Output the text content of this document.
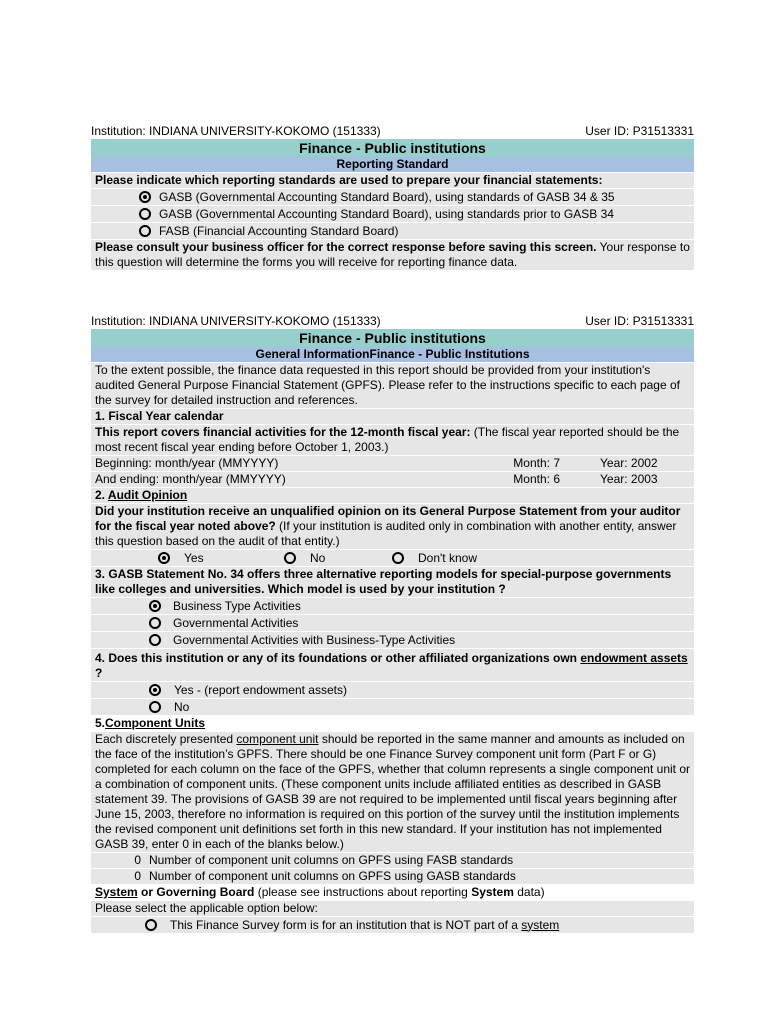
Institution: INDIANA UNIVERSITY-KOKOMO (151333)	User ID: P31513331
Finance - Public institutions
Reporting Standard
Please indicate which reporting standards are used to prepare your financial statements:
GASB (Governmental Accounting Standard Board), using standards of GASB 34 & 35
GASB (Governmental Accounting Standard Board), using standards prior to GASB 34
FASB (Financial Accounting Standard Board)
Please consult your business officer for the correct response before saving this screen. Your response to this question will determine the forms you will receive for reporting finance data.
Institution: INDIANA UNIVERSITY-KOKOMO (151333)	User ID: P31513331
Finance - Public institutions
General InformationFinance - Public Institutions
To the extent possible, the finance data requested in this report should be provided from your institution's audited General Purpose Financial Statement (GPFS). Please refer to the instructions specific to each page of the survey for detailed instruction and references.
1. Fiscal Year calendar
This report covers financial activities for the 12-month fiscal year: (The fiscal year reported should be the most recent fiscal year ending before October 1, 2003.)
Beginning: month/year (MMYYYY)	Month: 7	Year: 2002
And ending: month/year (MMYYYY)	Month: 6	Year: 2003
2. Audit Opinion
Did your institution receive an unqualified opinion on its General Purpose Statement from your auditor for the fiscal year noted above? (If your institution is audited only in combination with another entity, answer this question based on the audit of that entity.)
Yes	No	Don't know
3. GASB Statement No. 34 offers three alternative reporting models for special-purpose governments like colleges and universities. Which model is used by your institution ?
Business Type Activities
Governmental Activities
Governmental Activities with Business-Type Activities
4. Does this institution or any of its foundations or other affiliated organizations own endowment assets ?
Yes - (report endowment assets)
No
5.Component Units
Each discretely presented component unit should be reported in the same manner and amounts as included on the face of the institution’s GPFS. There should be one Finance Survey component unit form (Part F or G) completed for each column on the face of the GPFS, whether that column represents a single component unit or a combination of component units. (These component units include affiliated entities as described in GASB statement 39. The provisions of GASB 39 are not required to be implemented until fiscal years beginning after June 15, 2003, therefore no information is required on this portion of the survey until the institution implements the revised component unit definitions set forth in this new standard. If your institution has not implemented GASB 39, enter 0 in each of the blanks below.)
0 Number of component unit columns on GPFS using FASB standards
0 Number of component unit columns on GPFS using GASB standards
System or Governing Board (please see instructions about reporting System data)
Please select the applicable option below:
This Finance Survey form is for an institution that is NOT part of a system
